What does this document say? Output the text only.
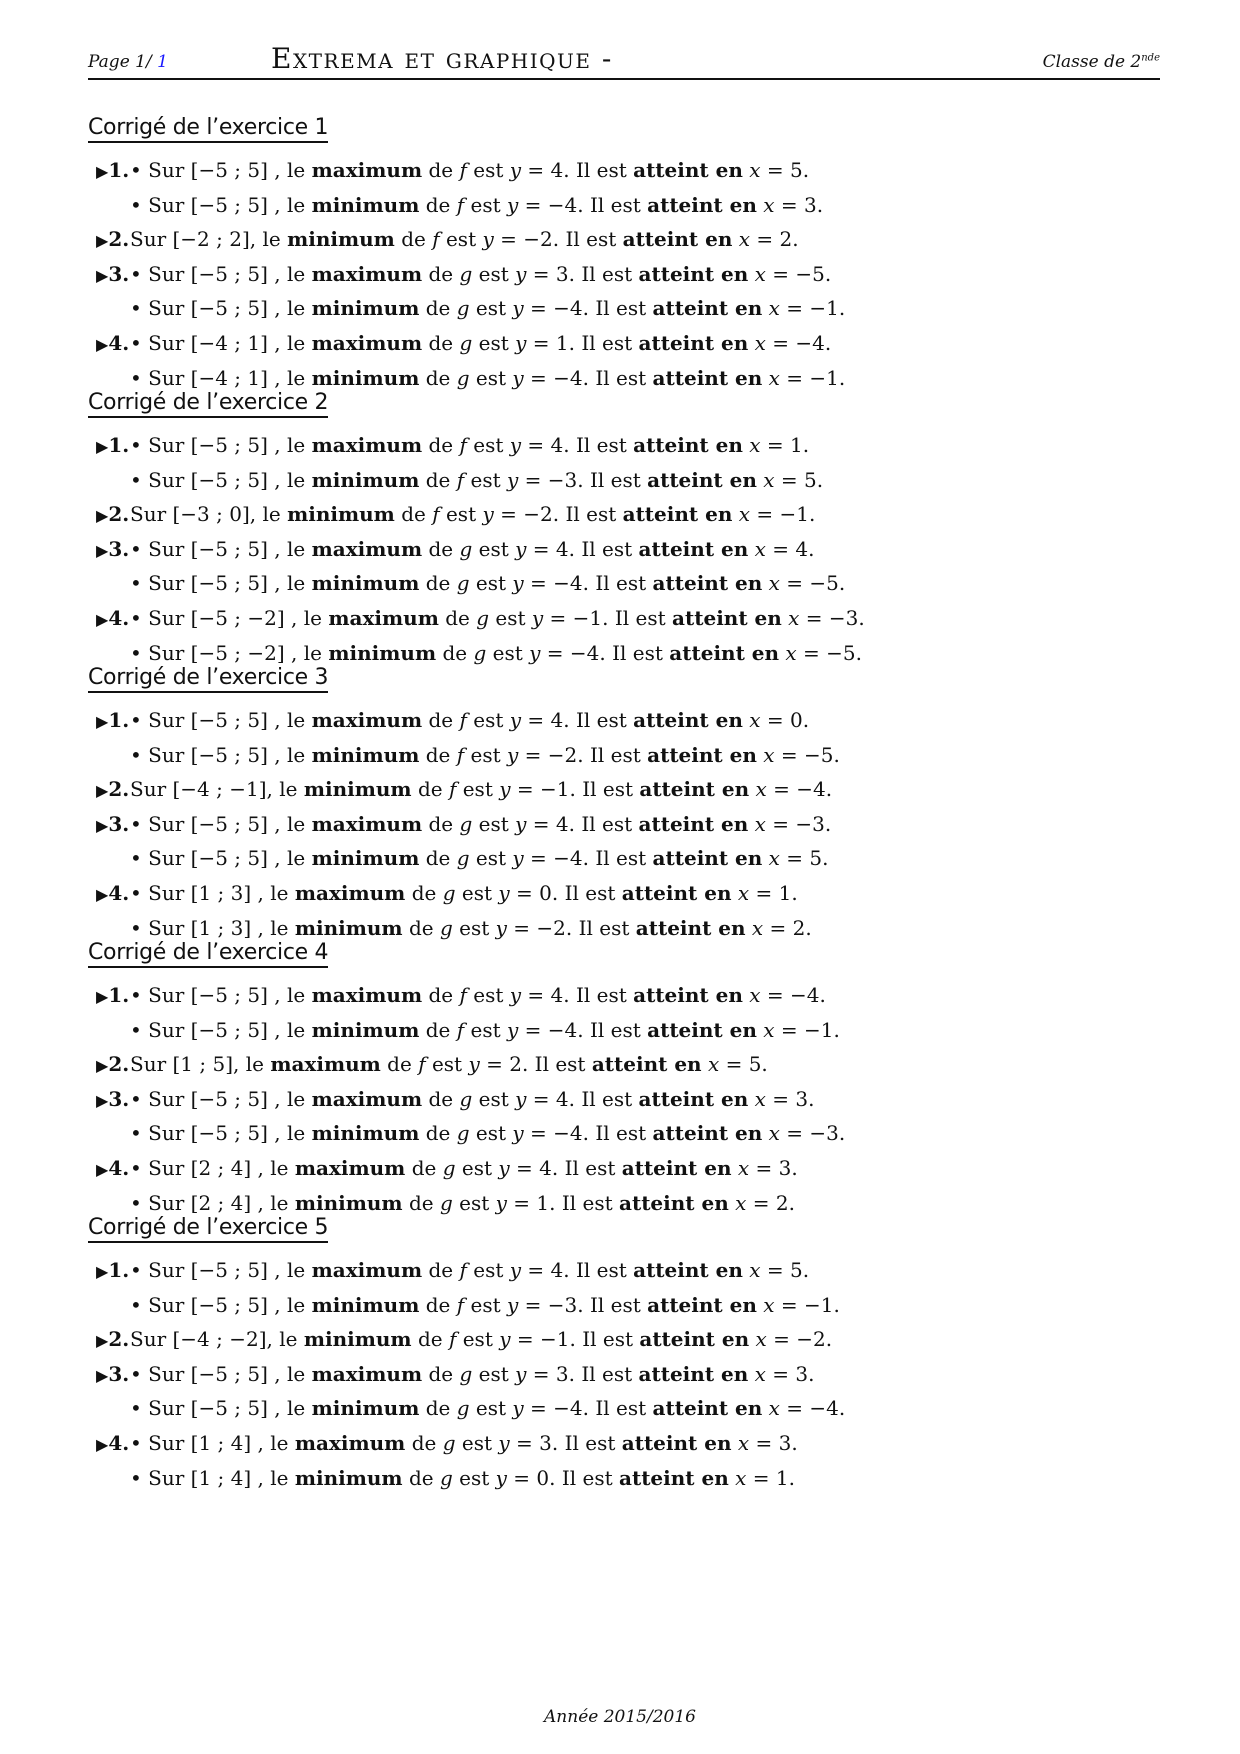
Page 1/ 1	Extrema et graphique -	Classe de 2nde
Corrigé de l’exercice 1
▶1. • Sur [−5 ; 5] , le maximum de f est y = 4. Il est atteint en x = 5.
• Sur [−5 ; 5] , le minimum de f est y = −4. Il est atteint en x = 3.
▶2. Sur [−2 ; 2], le minimum de f est y = −2. Il est atteint en x = 2.
▶3. • Sur [−5 ; 5] , le maximum de g est y = 3. Il est atteint en x = −5.
• Sur [−5 ; 5] , le minimum de g est y = −4. Il est atteint en x = −1.
▶4. • Sur [−4 ; 1] , le maximum de g est y = 1. Il est atteint en x = −4.
• Sur [−4 ; 1] , le minimum de g est y = −4. Il est atteint en x = −1.
Corrigé de l’exercice 2
▶1. • Sur [−5 ; 5] , le maximum de f est y = 4. Il est atteint en x = 1.
• Sur [−5 ; 5] , le minimum de f est y = −3. Il est atteint en x = 5.
▶2. Sur [−3 ; 0], le minimum de f est y = −2. Il est atteint en x = −1.
▶3. • Sur [−5 ; 5] , le maximum de g est y = 4. Il est atteint en x = 4.
• Sur [−5 ; 5] , le minimum de g est y = −4. Il est atteint en x = −5.
▶4. • Sur [−5 ; −2] , le maximum de g est y = −1. Il est atteint en x = −3.
• Sur [−5 ; −2] , le minimum de g est y = −4. Il est atteint en x = −5.
Corrigé de l’exercice 3
▶1. • Sur [−5 ; 5] , le maximum de f est y = 4. Il est atteint en x = 0.
• Sur [−5 ; 5] , le minimum de f est y = −2. Il est atteint en x = −5.
▶2. Sur [−4 ; −1], le minimum de f est y = −1. Il est atteint en x = −4.
▶3. • Sur [−5 ; 5] , le maximum de g est y = 4. Il est atteint en x = −3.
• Sur [−5 ; 5] , le minimum de g est y = −4. Il est atteint en x = 5.
▶4. • Sur [1 ; 3] , le maximum de g est y = 0. Il est atteint en x = 1.
• Sur [1 ; 3] , le minimum de g est y = −2. Il est atteint en x = 2.
Corrigé de l’exercice 4
▶1. • Sur [−5 ; 5] , le maximum de f est y = 4. Il est atteint en x = −4.
• Sur [−5 ; 5] , le minimum de f est y = −4. Il est atteint en x = −1.
▶2. Sur [1 ; 5], le maximum de f est y = 2. Il est atteint en x = 5.
▶3. • Sur [−5 ; 5] , le maximum de g est y = 4. Il est atteint en x = 3.
• Sur [−5 ; 5] , le minimum de g est y = −4. Il est atteint en x = −3.
▶4. • Sur [2 ; 4] , le maximum de g est y = 4. Il est atteint en x = 3.
• Sur [2 ; 4] , le minimum de g est y = 1. Il est atteint en x = 2.
Corrigé de l’exercice 5
▶1. • Sur [−5 ; 5] , le maximum de f est y = 4. Il est atteint en x = 5.
• Sur [−5 ; 5] , le minimum de f est y = −3. Il est atteint en x = −1.
▶2. Sur [−4 ; −2], le minimum de f est y = −1. Il est atteint en x = −2.
▶3. • Sur [−5 ; 5] , le maximum de g est y = 3. Il est atteint en x = 3.
• Sur [−5 ; 5] , le minimum de g est y = −4. Il est atteint en x = −4.
▶4. • Sur [1 ; 4] , le maximum de g est y = 3. Il est atteint en x = 3.
• Sur [1 ; 4] , le minimum de g est y = 0. Il est atteint en x = 1.
Année 2015/2016
